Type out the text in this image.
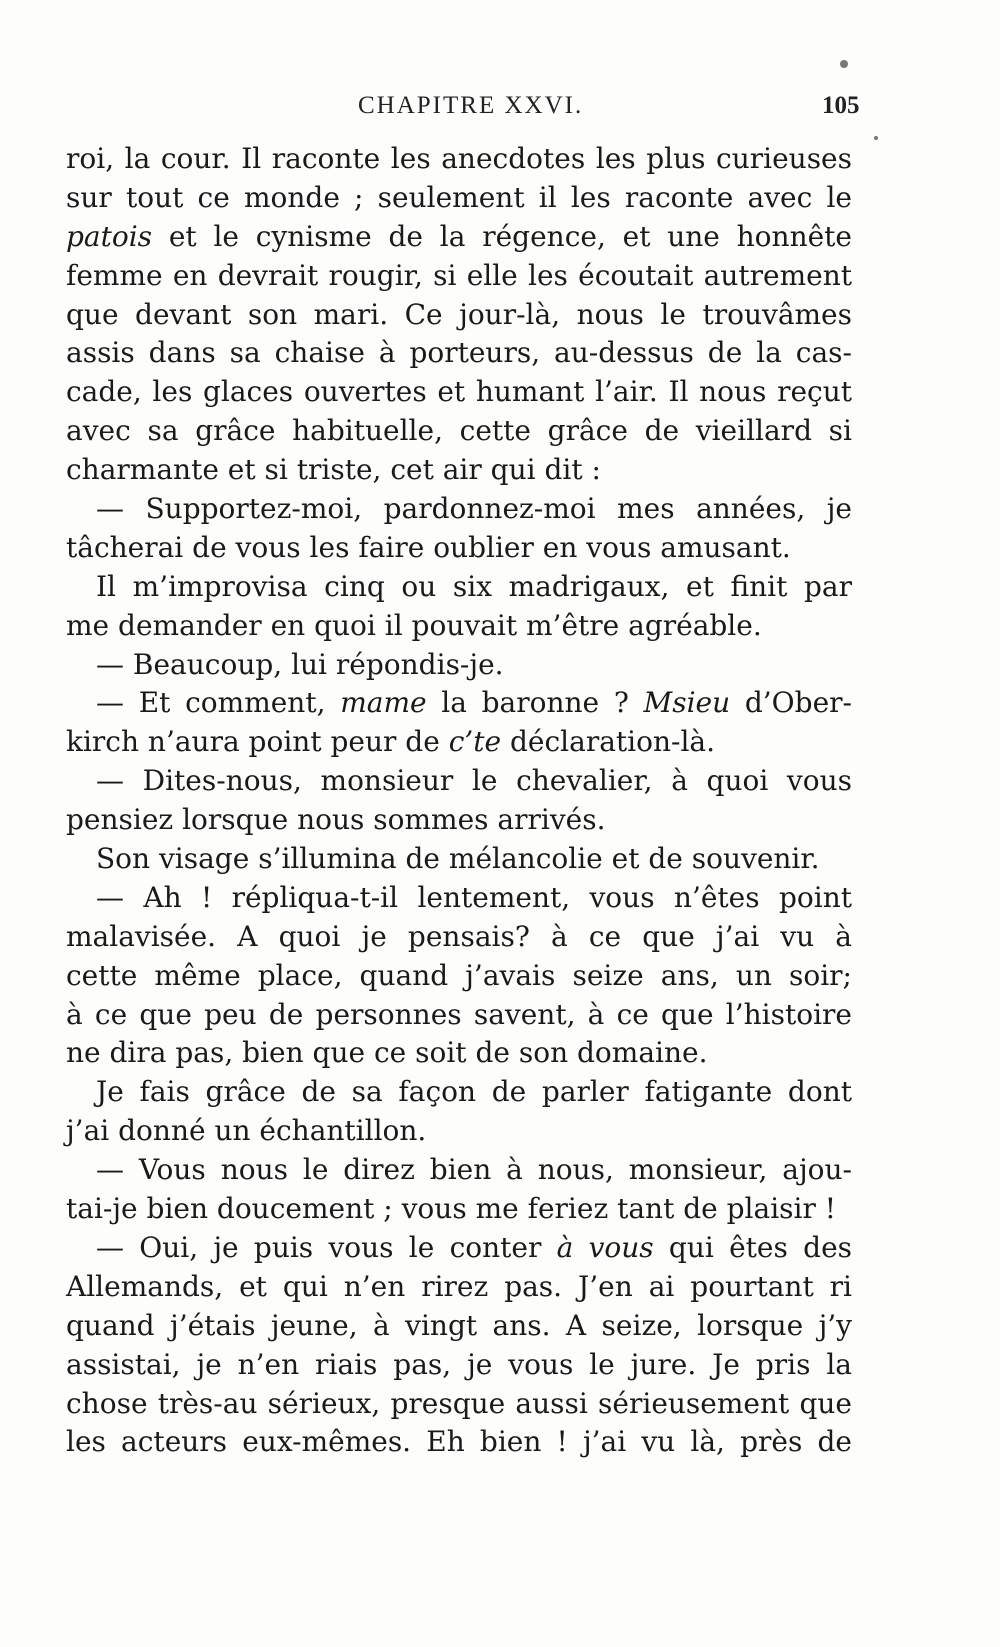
CHAPITRE XXVI.	105
roi, la cour. Il raconte les anecdotes les plus curieuses
sur tout ce monde ; seulement il les raconte avec le
patois et le cynisme de la régence, et une honnête
femme en devrait rougir, si elle les écoutait autrement
que devant son mari. Ce jour-là, nous le trouvâmes
assis dans sa chaise à porteurs, au-dessus de la cas-
cade, les glaces ouvertes et humant l’air. Il nous reçut
avec sa grâce habituelle, cette grâce de vieillard si
charmante et si triste, cet air qui dit :
— Supportez-moi, pardonnez-moi mes années, je
tâcherai de vous les faire oublier en vous amusant.
Il m’improvisa cinq ou six madrigaux, et finit par
me demander en quoi il pouvait m’être agréable.
— Beaucoup, lui répondis-je.
— Et comment, mame la baronne ? Msieu d’Ober-
kirch n’aura point peur de c’te déclaration-là.
— Dites-nous, monsieur le chevalier, à quoi vous
pensiez lorsque nous sommes arrivés.
Son visage s’illumina de mélancolie et de souvenir.
— Ah ! répliqua-t-il lentement, vous n’êtes point
malavisée. A quoi je pensais? à ce que j’ai vu à
cette même place, quand j’avais seize ans, un soir;
à ce que peu de personnes savent, à ce que l’histoire
ne dira pas, bien que ce soit de son domaine.
Je fais grâce de sa façon de parler fatigante dont
j’ai donné un échantillon.
— Vous nous le direz bien à nous, monsieur, ajou-
tai-je bien doucement ; vous me feriez tant de plaisir !
— Oui, je puis vous le conter à vous qui êtes des
Allemands, et qui n’en rirez pas. J’en ai pourtant ri
quand j’étais jeune, à vingt ans. A seize, lorsque j’y
assistai, je n’en riais pas, je vous le jure. Je pris la
chose très-au sérieux, presque aussi sérieusement que
les acteurs eux-mêmes. Eh bien ! j’ai vu là, près de
